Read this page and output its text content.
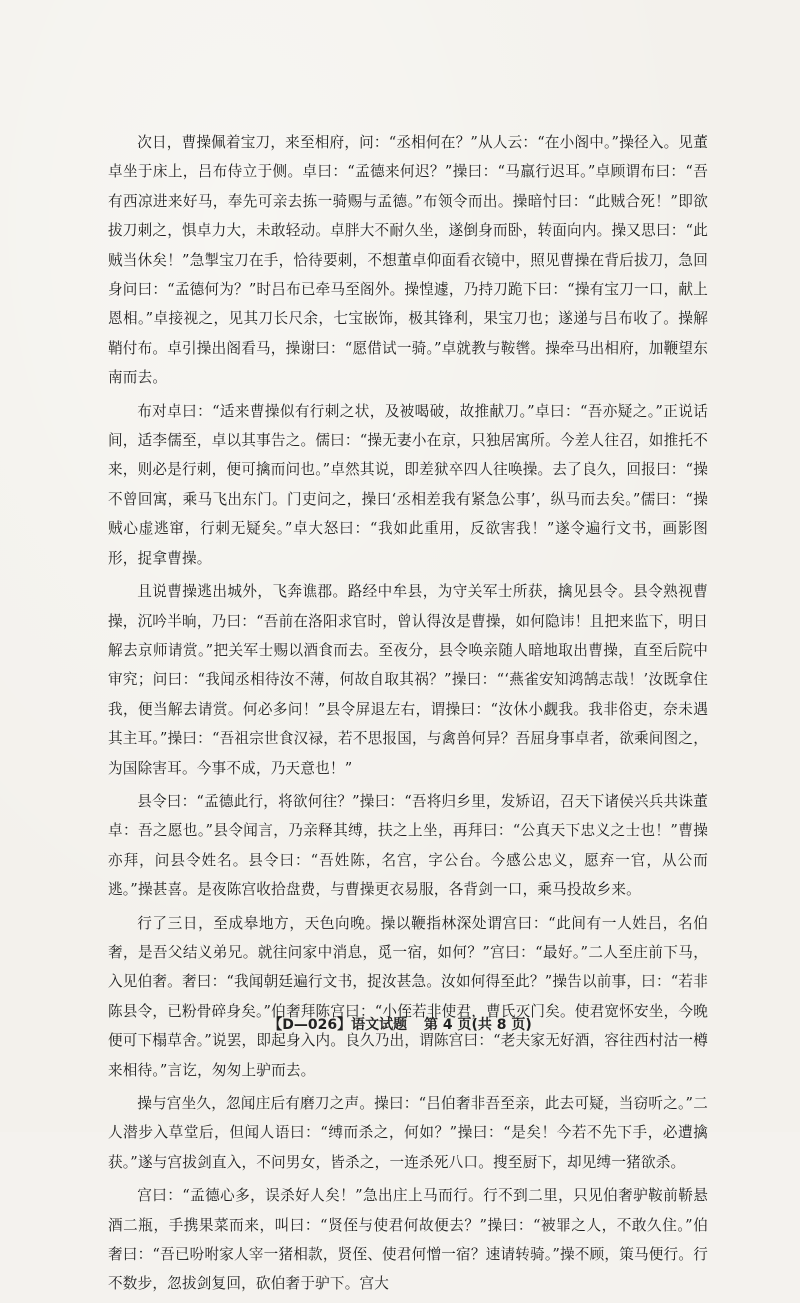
次日，曹操佩着宝刀，来至相府，问：“丞相何在？”从人云：“在小阁中。”操径入。见董卓坐于床上，吕布侍立于侧。卓曰：“孟德来何迟？”操曰：“马羸行迟耳。”卓顾谓布曰：“吾有西凉进来好马，奉先可亲去拣一骑赐与孟德。”布领令而出。操暗忖曰：“此贼合死！”即欲拔刀刺之，惧卓力大，未敢轻动。卓胖大不耐久坐，遂倒身而卧，转面向内。操又思曰：“此贼当休矣！”急掣宝刀在手，恰待要刺，不想董卓仰面看衣镜中，照见曹操在背后拔刀，急回身问曰：“孟德何为？”时吕布已牵马至阁外。操惶遽，乃持刀跪下曰：“操有宝刀一口，献上恩相。”卓接视之，见其刀长尺余，七宝嵌饰，极其锋利，果宝刀也；遂递与吕布收了。操解鞘付布。卓引操出阁看马，操谢曰：“愿借试一骑。”卓就教与鞍辔。操牵马出相府，加鞭望东南而去。

布对卓曰：“适来曹操似有行刺之状，及被喝破，故推献刀。”卓曰：“吾亦疑之。”正说话间，适李儒至，卓以其事告之。儒曰：“操无妻小在京，只独居寓所。今差人往召，如推托不来，则必是行刺，便可擒而问也。”卓然其说，即差狱卒四人往唤操。去了良久，回报曰：“操不曾回寓，乘马飞出东门。门吏问之，操曰‘丞相差我有紧急公事’，纵马而去矣。”儒曰：“操贼心虚逃窜，行刺无疑矣。”卓大怒曰：“我如此重用，反欲害我！”遂令遍行文书，画影图形，捉拿曹操。

且说曹操逃出城外，飞奔谯郡。路经中牟县，为守关军士所获，擒见县令。县令熟视曹操，沉吟半晌，乃曰：“吾前在洛阳求官时，曾认得汝是曹操，如何隐讳！且把来监下，明日解去京师请赏。”把关军士赐以酒食而去。至夜分，县令唤亲随人暗地取出曹操，直至后院中审究；问曰：“我闻丞相待汝不薄，何故自取其祸？”操曰：“‘燕雀安知鸿鹄志哉！’汝既拿住我，便当解去请赏。何必多问！”县令屏退左右，谓操曰：“汝休小觑我。我非俗吏，奈未遇其主耳。”操曰：“吾祖宗世食汉禄，若不思报国，与禽兽何异？吾屈身事卓者，欲乘间图之，为国除害耳。今事不成，乃天意也！”

县令曰：“孟德此行，将欲何往？”操曰：“吾将归乡里，发矫诏，召天下诸侯兴兵共诛董卓：吾之愿也。”县令闻言，乃亲释其缚，扶之上坐，再拜曰：“公真天下忠义之士也！”曹操亦拜，问县令姓名。县令曰：“吾姓陈，名宫，字公台。今感公忠义，愿弃一官，从公而逃。”操甚喜。是夜陈宫收拾盘费，与曹操更衣易服，各背剑一口，乘马投故乡来。

行了三日，至成皋地方，天色向晚。操以鞭指林深处谓宫曰：“此间有一人姓吕，名伯奢，是吾父结义弟兄。就往问家中消息，觅一宿，如何？”宫曰：“最好。”二人至庄前下马，入见伯奢。奢曰：“我闻朝廷遍行文书，捉汝甚急。汝如何得至此？”操告以前事，曰：“若非陈县令，已粉骨碎身矣。”伯奢拜陈宫曰：“小侄若非使君，曹氏灭门矣。使君宽怀安坐，今晚便可下榻草舍。”说罢，即起身入内。良久乃出，谓陈宫曰：“老夫家无好酒，容往西村沽一樽来相待。”言讫，匆匆上驴而去。

操与宫坐久，忽闻庄后有磨刀之声。操曰：“吕伯奢非吾至亲，此去可疑，当窃听之。”二人潜步入草堂后，但闻人语曰：“缚而杀之，何如？”操曰：“是矣！今若不先下手，必遭擒获。”遂与宫拔剑直入，不问男女，皆杀之，一连杀死八口。搜至厨下，却见缚一猪欲杀。

宫曰：“孟德心多，误杀好人矣！”急出庄上马而行。行不到二里，只见伯奢驴鞍前鞒悬酒二瓶，手携果菜而来，叫曰：“贤侄与使君何故便去？”操曰：“被罪之人，不敢久住。”伯奢曰：“吾已吩咐家人宰一猪相款，贤侄、使君何憎一宿？速请转骑。”操不顾，策马便行。行不数步，忽拔剑复回，砍伯奢于驴下。宫大

【D—026】语文试题 第 4 页(共 8 页)
